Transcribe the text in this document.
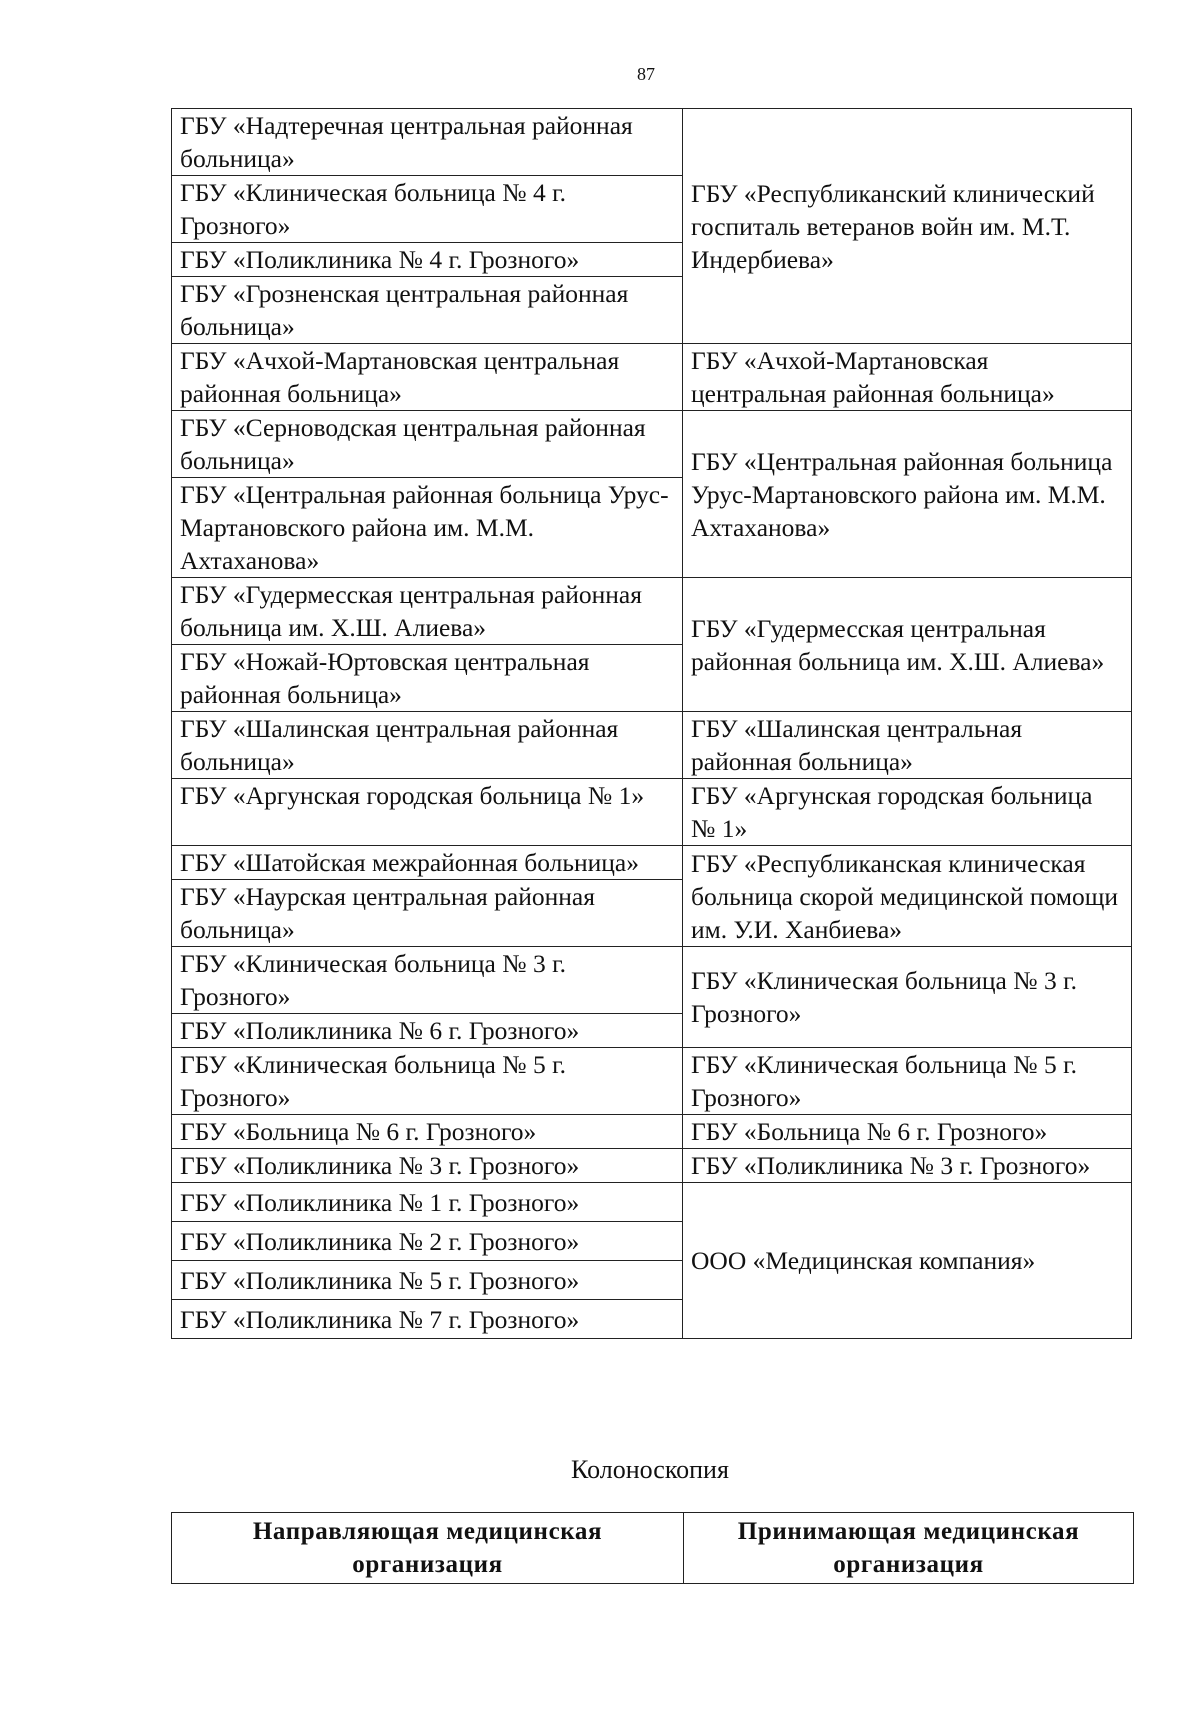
87
ГБУ «Надтеречная центральная районная больница»	ГБУ «Республиканский клинический госпиталь ветеранов войн им. М.Т. Индербиева»
ГБУ «Клиническая больница № 4 г. Грозного»	
ГБУ «Поликлиника № 4 г. Грозного»	
ГБУ «Грозненская центральная районная больница»	
ГБУ «Ачхой-Мартановская центральная районная больница»	ГБУ «Ачхой-Мартановская центральная районная больница»
ГБУ «Серноводская центральная районная больница»	ГБУ «Центральная районная больница Урус-Мартановского района им. М.М. Ахтаханова»
ГБУ «Центральная районная больница Урус-Мартановского района им. М.М. Ахтаханова»	
ГБУ «Гудермесская центральная районная больница им. Х.Ш. Алиева»	ГБУ «Гудермесская центральная районная больница им. Х.Ш. Алиева»
ГБУ «Ножай-Юртовская центральная районная больница»	
ГБУ «Шалинская центральная районная больница»	ГБУ «Шалинская центральная районная больница»
ГБУ «Аргунская городская больница № 1»	ГБУ «Аргунская городская больница № 1»
ГБУ «Шатойская межрайонная больница»	ГБУ «Республиканская клиническая больница скорой медицинской помощи им. У.И. Ханбиева»
ГБУ «Наурская центральная районная больница»	
ГБУ «Клиническая больница № 3 г. Грозного»	ГБУ «Клиническая больница № 3 г. Грозного»
ГБУ «Поликлиника № 6 г. Грозного»	
ГБУ «Клиническая больница № 5 г. Грозного»	ГБУ «Клиническая больница № 5 г. Грозного»
ГБУ «Больница № 6 г. Грозного»	ГБУ «Больница № 6 г. Грозного»
ГБУ «Поликлиника № 3 г. Грозного»	ГБУ «Поликлиника № 3 г. Грозного»
ГБУ «Поликлиника № 1 г. Грозного»	ООО «Медицинская компания»
ГБУ «Поликлиника № 2 г. Грозного»	
ГБУ «Поликлиника № 5 г. Грозного»	
ГБУ «Поликлиника № 7 г. Грозного»	
Колоноскопия
Направляющая медицинская организация	Принимающая медицинская организация
